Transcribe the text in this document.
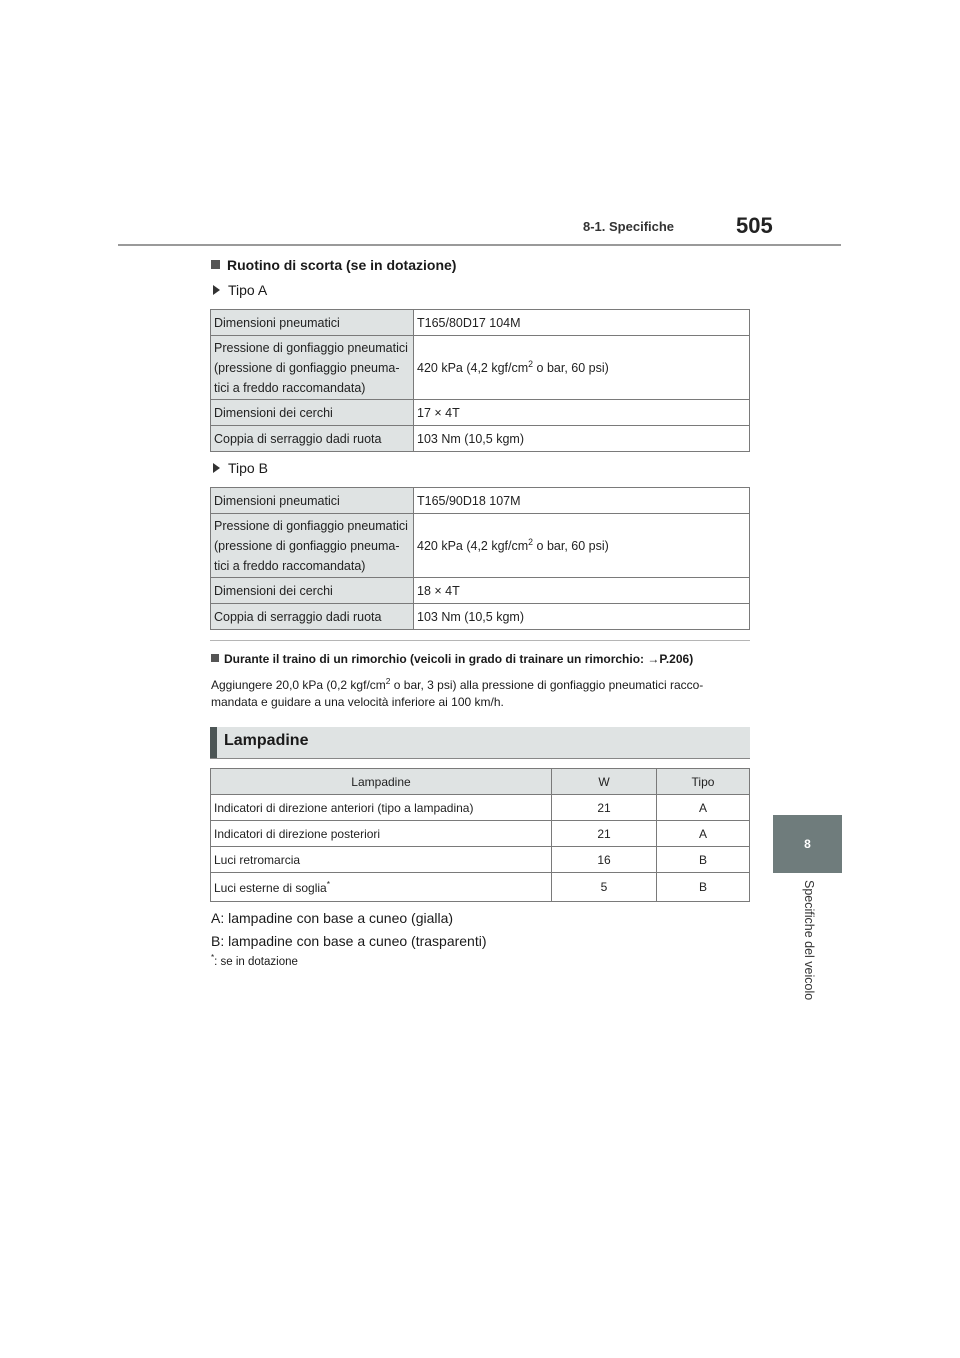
8-1. Specifiche	505
8
Specifiche del veicolo
Ruotino di scorta (se in dotazione)
Tipo A
Dimensioni pneumatici	T165/80D17 104M

Pressione di gonfiaggio pneumatici
(pressione di gonfiaggio pneuma-
tici a freddo raccomandata)	420 kPa (4,2 kgf/$cm^2$ o bar, 60 psi)
Dimensioni dei cerchi	17 × 4T
Coppia di serraggio dadi ruota	103 Nm (10,5 kgm)
Tipo B
Dimensioni pneumatici	T165/90D18 107M

Pressione di gonfiaggio pneumatici
(pressione di gonfiaggio pneuma-
tici a freddo raccomandata)	420 kPa (4,2 kgf/$cm^2$ o bar, 60 psi)
Dimensioni dei cerchi	18 × 4T
Coppia di serraggio dadi ruota	103 Nm (10,5 kgm)
Durante il traino di un rimorchio (veicoli in grado di trainare un rimorchio: →P.206)
Aggiungere 20,0 kPa (0,2 kgf/$cm^2$ o bar, 3 psi) alla pressione di gonfiaggio pneumatici racco-
mandata e guidare a una velocità inferiore ai 100 km/h.
Lampadine
Lampadine	W	Tipo
Indicatori di direzione anteriori (tipo a lampadina)	21	A
Indicatori di direzione posteriori	21	A
Luci retromarcia	16	B
Luci esterne di soglia*	5	B
A: lampadine con base a cuneo (gialla)
B: lampadine con base a cuneo (trasparenti)
*: se in dotazione
